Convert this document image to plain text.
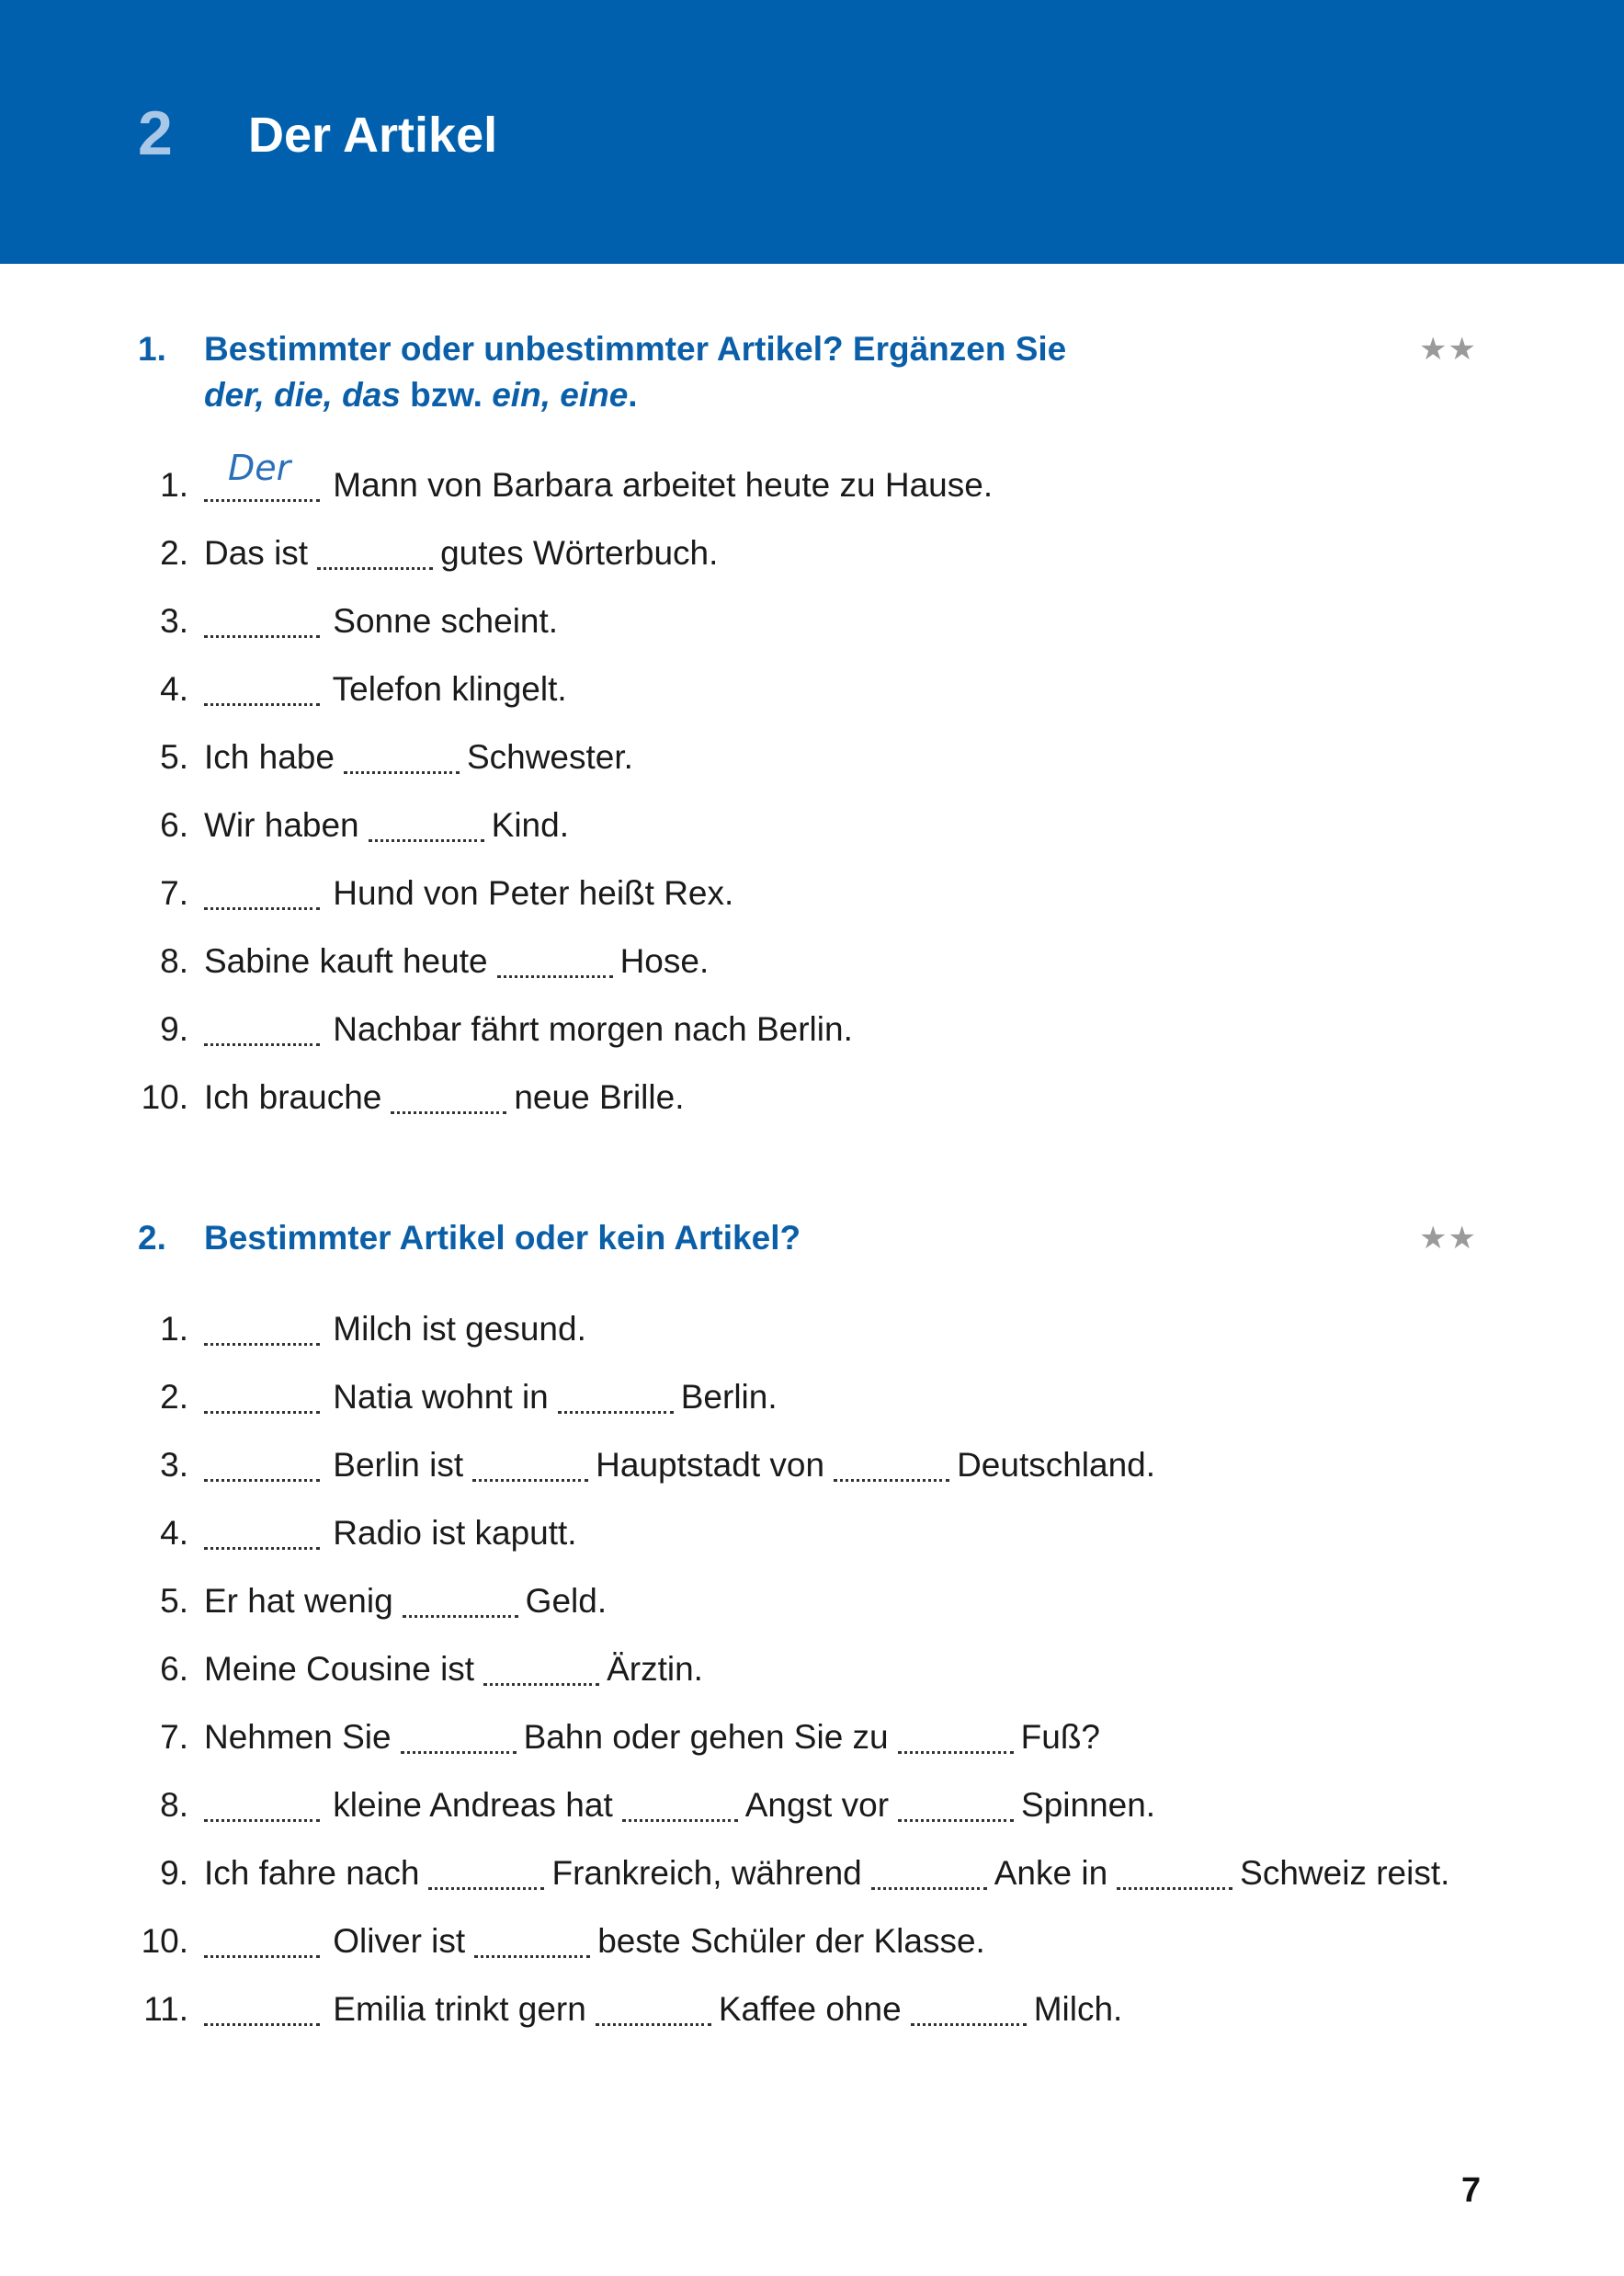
2 Der Artikel
1. Bestimmter oder unbestimmter Artikel? Ergänzen Sie
der, die, das bzw. ein, eine.
★★
1. Der Mann von Barbara arbeitet heute zu Hause.
2. Das ist	gutes Wörterbuch.
3.	Sonne scheint.
4.	Telefon klingelt.
5. Ich habe	Schwester.
6. Wir haben	Kind.
7.	Hund von Peter heißt Rex.
8. Sabine kauft heute	Hose.
9.	Nachbar fährt morgen nach Berlin.
10. Ich brauche	neue Brille.
2. Bestimmter Artikel oder kein Artikel?	★★
1.	Milch ist gesund.
2.	Natia wohnt in	Berlin.
3.	Berlin ist	Hauptstadt von	Deutschland.
4.	Radio ist kaputt.
5. Er hat wenig	Geld.
6. Meine Cousine ist	Ärztin.
7. Nehmen Sie	Bahn oder gehen Sie zu	Fuß?
8.	kleine Andreas hat	Angst vor	Spinnen.
9. Ich fahre nach	Frankreich, während	Anke in	Schweiz reist.
10.	Oliver ist	beste Schüler der Klasse.
11.	Emilia trinkt gern	Kaffee ohne	Milch.
7
